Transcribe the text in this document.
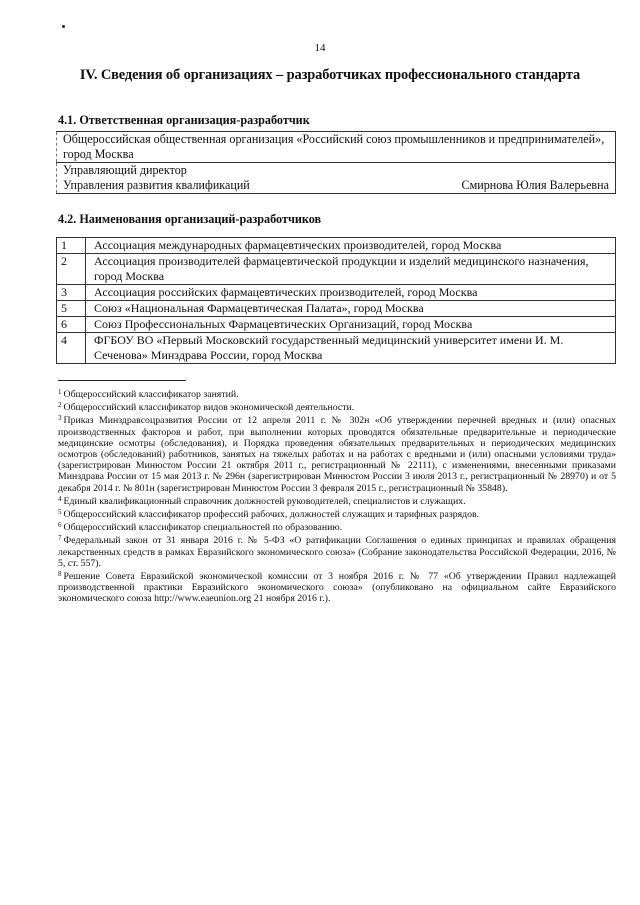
14
IV. Сведения об организациях – разработчиках профессионального стандарта
4.1. Ответственная организация-разработчик
Общероссийская общественная организация «Российский союз промышленников и предпринимателей», город Москва

Управляющий директор
Управления развития квалификаций	Смирнова Юлия Валерьевна
4.2. Наименования организаций-разработчиков
1	Ассоциация международных фармацевтических производителей, город Москва
2	Ассоциация производителей фармацевтической продукции и изделий медицинского назначения, город Москва
3	Ассоциация российских фармацевтических производителей, город Москва
5	Союз «Национальная Фармацевтическая Палата», город Москва
6	Союз Профессиональных Фармацевтических Организаций, город Москва
4	ФГБОУ ВО «Первый Московский государственный медицинский университет имени И. М. Сеченова» Минздрава России, город Москва

$^1$ Общероссийский классификатор занятий.

$^2$ Общероссийский классификатор видов экономической деятельности.

$^3$ Приказ Минздравсоцразвития России от 12 апреля 2011 г. № 302н «Об утверждении перечней вредных и (или) опасных производственных факторов и работ, при выполнении которых проводятся обязательные предварительные и периодические медицинские осмотры (обследования), и Порядка проведения обязательных предварительных и периодических медицинских осмотров (обследований) работников, занятых на тяжелых работах и на работах с вредными и (или) опасными условиями труда» (зарегистрирован Минюстом России 21 октября 2011 г., регистрационный № 22111), с изменениями, внесенными приказами Минздрава России от 15 мая 2013 г. № 296н (зарегистрирован Минюстом России 3 июля 2013 г., регистрационный № 28970) и от 5 декабря 2014 г. № 801н (зарегистрирован Минюстом России 3 февраля 2015 г., регистрационный № 35848).

$^4$ Единый квалификационный справочник должностей руководителей, специалистов и служащих.

$^5$ Общероссийский классификатор профессий рабочих, должностей служащих и тарифных разрядов.

$^6$ Общероссийский классификатор специальностей по образованию.

$^7$ Федеральный закон от 31 января 2016 г. № 5-ФЗ «О ратификации Соглашения о единых принципах и правилах обращения лекарственных средств в рамках Евразийского экономического союза» (Собрание законодательства Российской Федерации, 2016, № 5, ст. 557).

$^8$ Решение Совета Евразийской экономической комиссии от 3 ноября 2016 г. № 77 «Об утверждении Правил надлежащей производственной практики Евразийского экономического союза» (опубликовано на официальном сайте Евразийского экономического союза http://www.eaeunion.org 21 ноября 2016 г.).
